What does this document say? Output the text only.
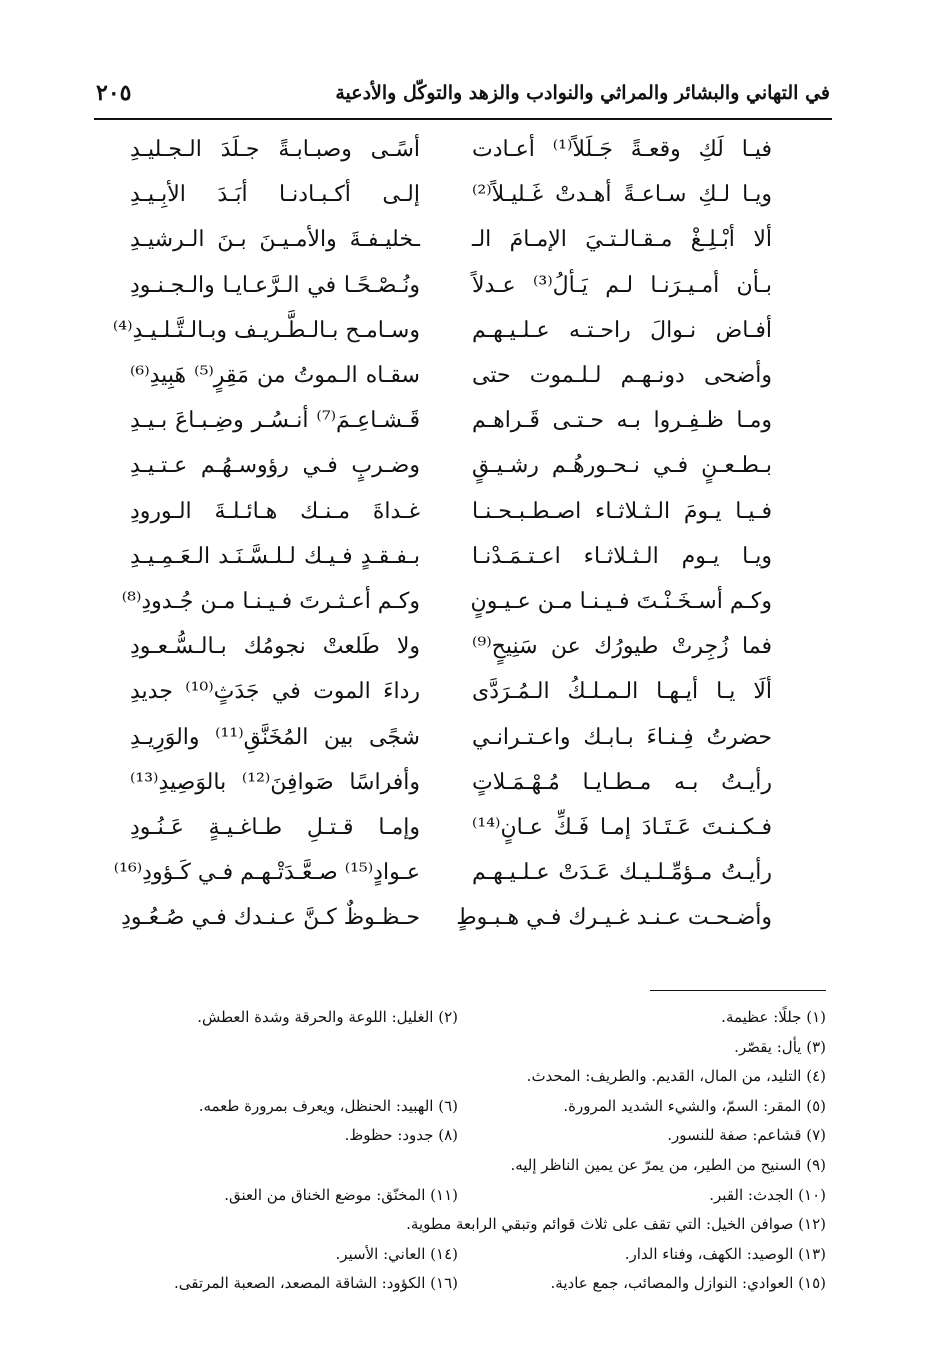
في التهاني والبشائر والمراثي والنوادب والزهد والتوكّل والأدعية
٢٠٥
فيـا لَكِ وقعـةً جَـلَلاً⁽¹⁾ أعـادت
أسًـى وصبـابـةً جـلَدَ الـجـليـدِ
ويـا لـكِ سـاعـةً أهـدتْ غَـليـلاً⁽²⁾
إلـى أكـبـادنـا أبَـدَ الأبِـيـدِ
ألا أبْـلِـغْ مـقـالـتـيَ الإمـامَ الـ
ـخليـفـةَ والأمـيـنَ بـنَ الـرشيـدِ
بـأن أمـيـرَنـا لـم يَـألُ⁽³⁾ عـدلاً
ونُـصْـحًـا في الـرَّعـايـا والـجـنـودِ
أفـاض نـوالَ راحـتـه عـلـيـهـم
وسـامـح بـالـطَّـريـف وبـالـتَّـلـيـدِ⁽⁴⁾
وأضحى دونـهـم لـلـموت حتى
سقـاه الـموتُ من مَقِرٍ⁽⁵⁾ هَبِيدِ⁽⁶⁾
ومـا ظـفِـروا بـه حـتـى قَـراهـم
قَـشـاعِـمَ⁽⁷⁾ أنـسُـر وضِـبـاعَ بـيـدِ
بـطـعـنٍ فـي نـحـورهُـم رشـيـقٍ
وضـربٍ فـي رؤوسـهُـم عـتـيـدِ
فـيـا يـومَ الـثـلاثـاء اصـطـبـحـنـا
غـداةَ مـنـك هـائـلـةَ الـورودِ
ويـا يـوم الـثـلاثـاء اعـتـمَـدْنـا
بـفـقـدٍ فـيـك لـلـسَّـنَـد الـعَـمِـيـدِ
وكـم أسـخَـنْـتَ فـيـنـا مـن عـيـونٍ
وكـم أعـثـرتَ فـيـنـا مـن جُـدودِ⁽⁸⁾
فما زُجِرتْ طيورُك عن سَنِيحٍ⁽⁹⁾
ولا طَلعتْ نجومُك بـالـسُّـعـودِ
ألَا يـا أيـهـا الـمـلـكُ الـمُـرَدَّى
رداءَ الموت في جَدَثٍ⁽¹⁰⁾ جديدِ
حضرتُ فِـنـاءَ بـابـك واعـتـرانـي
شجًى بين المُخَنَّقِ⁽¹¹⁾ والوَرِيـدِ
رأيـتُ بـه مـطـايـا مُـهْـمَـلاتٍ
وأفراسًا صَوافِنَ⁽¹²⁾ بالوَصِيدِ⁽¹³⁾
فـكـنـتَ عَـتَـادَ إمـا فَـكِّ عـانٍ⁽¹⁴⁾
وإمـا قـتـلِ طـاغـيـةٍ عَـنُـودِ
رأيـتُ مـؤمِّـلـيـك عَـدَتْ عـلـيـهـم
عـوادٍ⁽¹⁵⁾ صـعَّـدَتْـهـم فـي كَـؤودِ⁽¹⁶⁾
وأضـحـت عـنـد غـيـرك فـي هـبـوطٍ
حـظـوظٌ كـنَّ عـنـدك فـي صُـعُـودِ
(١) جللًا: عظيمة.
(٢) الغليل: اللوعة والحرقة وشدة العطش.
(٣) يأل: يقصّر.
(٤) التليد، من المال، القديم. والطريف: المحدث.
(٥) المقر: السمّ، والشيء الشديد المرورة.
(٦) الهبيد: الحنظل، ويعرف بمرورة طعمه.
(٧) قشاعم: صفة للنسور.
(٨) جدود: حظوظ.
(٩) السنيح من الطير، من يمرّ عن يمين الناظر إليه.
(١٠) الجدث: القبر.
(١١) المخنّق: موضع الخناق من العنق.
(١٢) صوافن الخيل: التي تقف على ثلاث قوائم وتبقي الرابعة مطوية.
(١٣) الوصيد: الكهف، وفناء الدار.
(١٤) العاني: الأسير.
(١٥) العوادي: النوازل والمصائب، جمع عادية.
(١٦) الكؤود: الشاقة المصعد، الصعبة المرتقى.
